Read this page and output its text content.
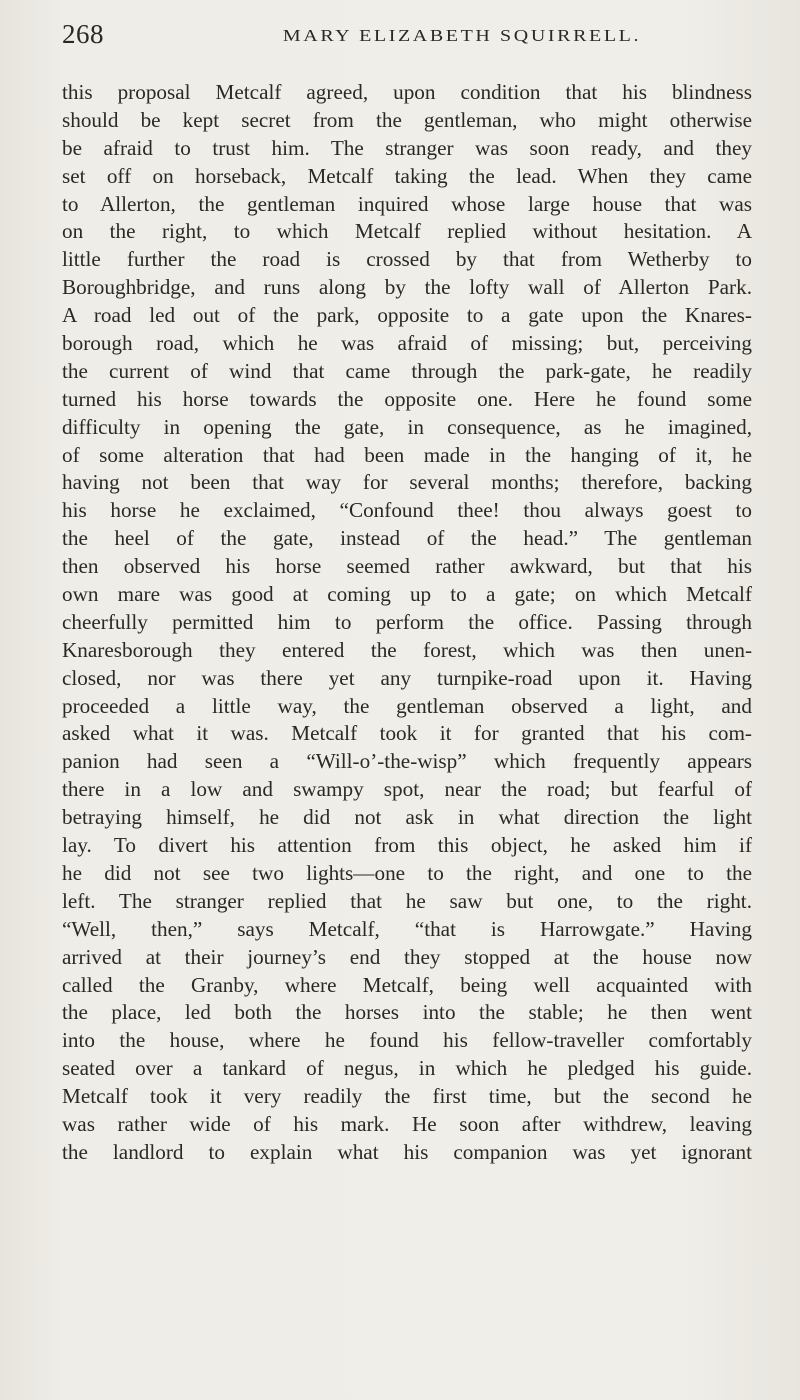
268	MARY ELIZABETH SQUIRRELL.
this proposal Metcalf agreed, upon condition that his blindness
should be kept secret from the gentleman, who might otherwise
be afraid to trust him. The stranger was soon ready, and they
set off on horseback, Metcalf taking the lead. When they came
to Allerton, the gentleman inquired whose large house that was
on the right, to which Metcalf replied without hesitation. A
little further the road is crossed by that from Wetherby to
Boroughbridge, and runs along by the lofty wall of Allerton Park.
A road led out of the park, opposite to a gate upon the Knares-
borough road, which he was afraid of missing; but, perceiving
the current of wind that came through the park-gate, he readily
turned his horse towards the opposite one. Here he found some
difficulty in opening the gate, in consequence, as he imagined,
of some alteration that had been made in the hanging of it, he
having not been that way for several months; therefore, backing
his horse he exclaimed, “Confound thee! thou always goest to
the heel of the gate, instead of the head.” The gentleman
then observed his horse seemed rather awkward, but that his
own mare was good at coming up to a gate; on which Metcalf
cheerfully permitted him to perform the office. Passing through
Knaresborough they entered the forest, which was then unen-
closed, nor was there yet any turnpike-road upon it. Having
proceeded a little way, the gentleman observed a light, and
asked what it was. Metcalf took it for granted that his com-
panion had seen a “Will-o’-the-wisp” which frequently appears
there in a low and swampy spot, near the road; but fearful of
betraying himself, he did not ask in what direction the light
lay. To divert his attention from this object, he asked him if
he did not see two lights—one to the right, and one to the
left. The stranger replied that he saw but one, to the right.
“Well, then,” says Metcalf, “that is Harrowgate.” Having
arrived at their journey’s end they stopped at the house now
called the Granby, where Metcalf, being well acquainted with
the place, led both the horses into the stable; he then went
into the house, where he found his fellow-traveller comfortably
seated over a tankard of negus, in which he pledged his guide.
Metcalf took it very readily the first time, but the second he
was rather wide of his mark. He soon after withdrew, leaving
the landlord to explain what his companion was yet ignorant
